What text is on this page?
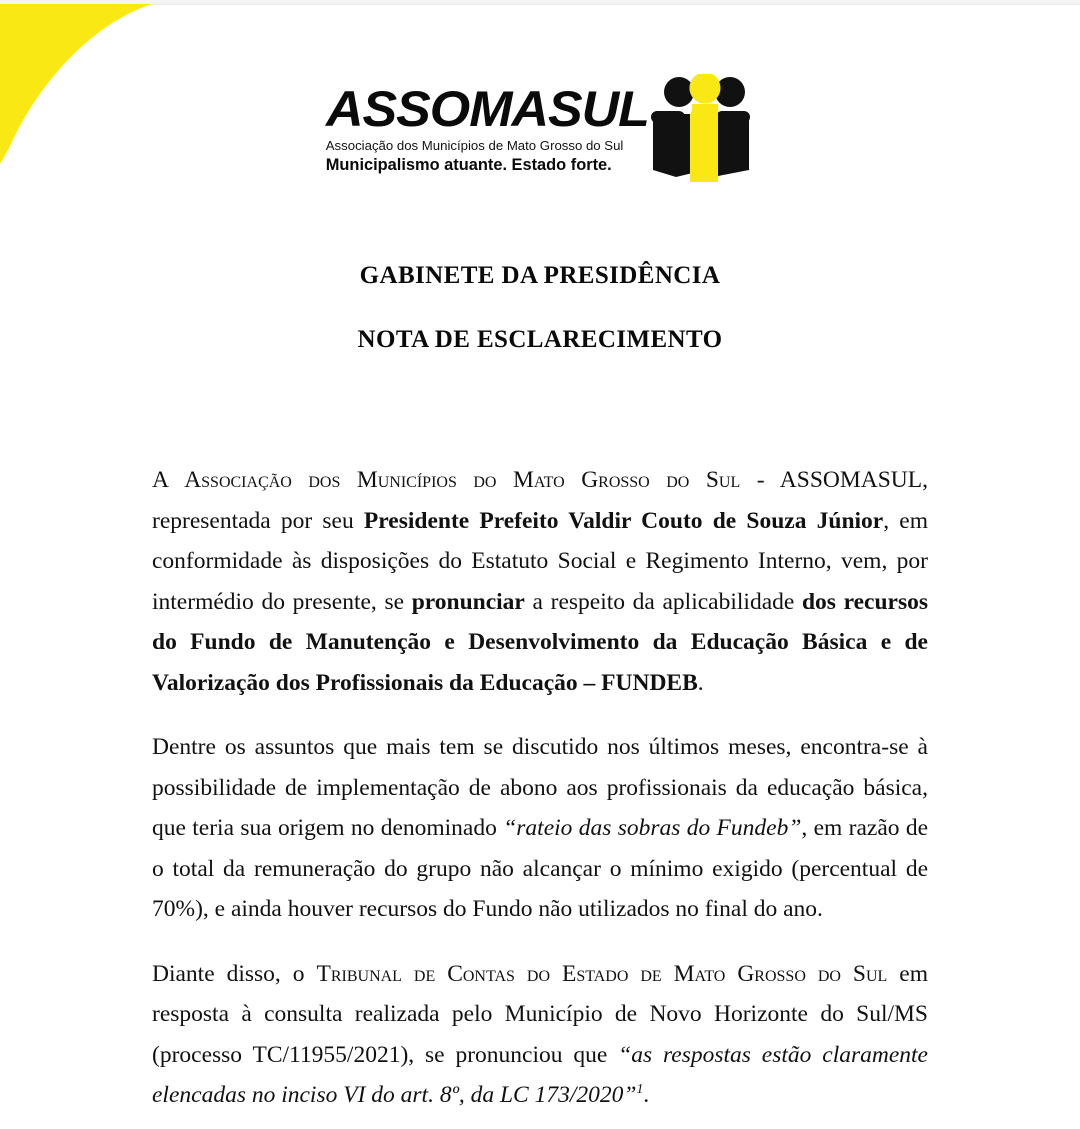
ASSOMASUL
Associação dos Municípios de Mato Grosso do Sul
Municipalismo atuante. Estado forte.
GABINETE DA PRESIDÊNCIA
NOTA DE ESCLARECIMENTO

A Associação dos Municípios do Mato Grosso do Sul - ASSOMASUL, representada por seu Presidente Prefeito Valdir Couto de Souza Júnior, em conformidade às disposições do Estatuto Social e Regimento Interno, vem, por intermédio do presente, se pronunciar a respeito da aplicabilidade dos recursos do Fundo de Manutenção e Desenvolvimento da Educação Básica e de Valorização dos Profissionais da Educação – FUNDEB.

Dentre os assuntos que mais tem se discutido nos últimos meses, encontra-se à possibilidade de implementação de abono aos profissionais da educação básica, que teria sua origem no denominado “rateio das sobras do Fundeb”, em razão de o total da remuneração do grupo não alcançar o mínimo exigido (percentual de 70%), e ainda houver recursos do Fundo não utilizados no final do ano.

Diante disso, o Tribunal de Contas do Estado de Mato Grosso do Sul em resposta à consulta realizada pelo Município de Novo Horizonte do Sul/MS (processo TC/11955/2021), se pronunciou que “as respostas estão claramente elencadas no inciso VI do art. 8º, da LC 173/2020”$^1$.
